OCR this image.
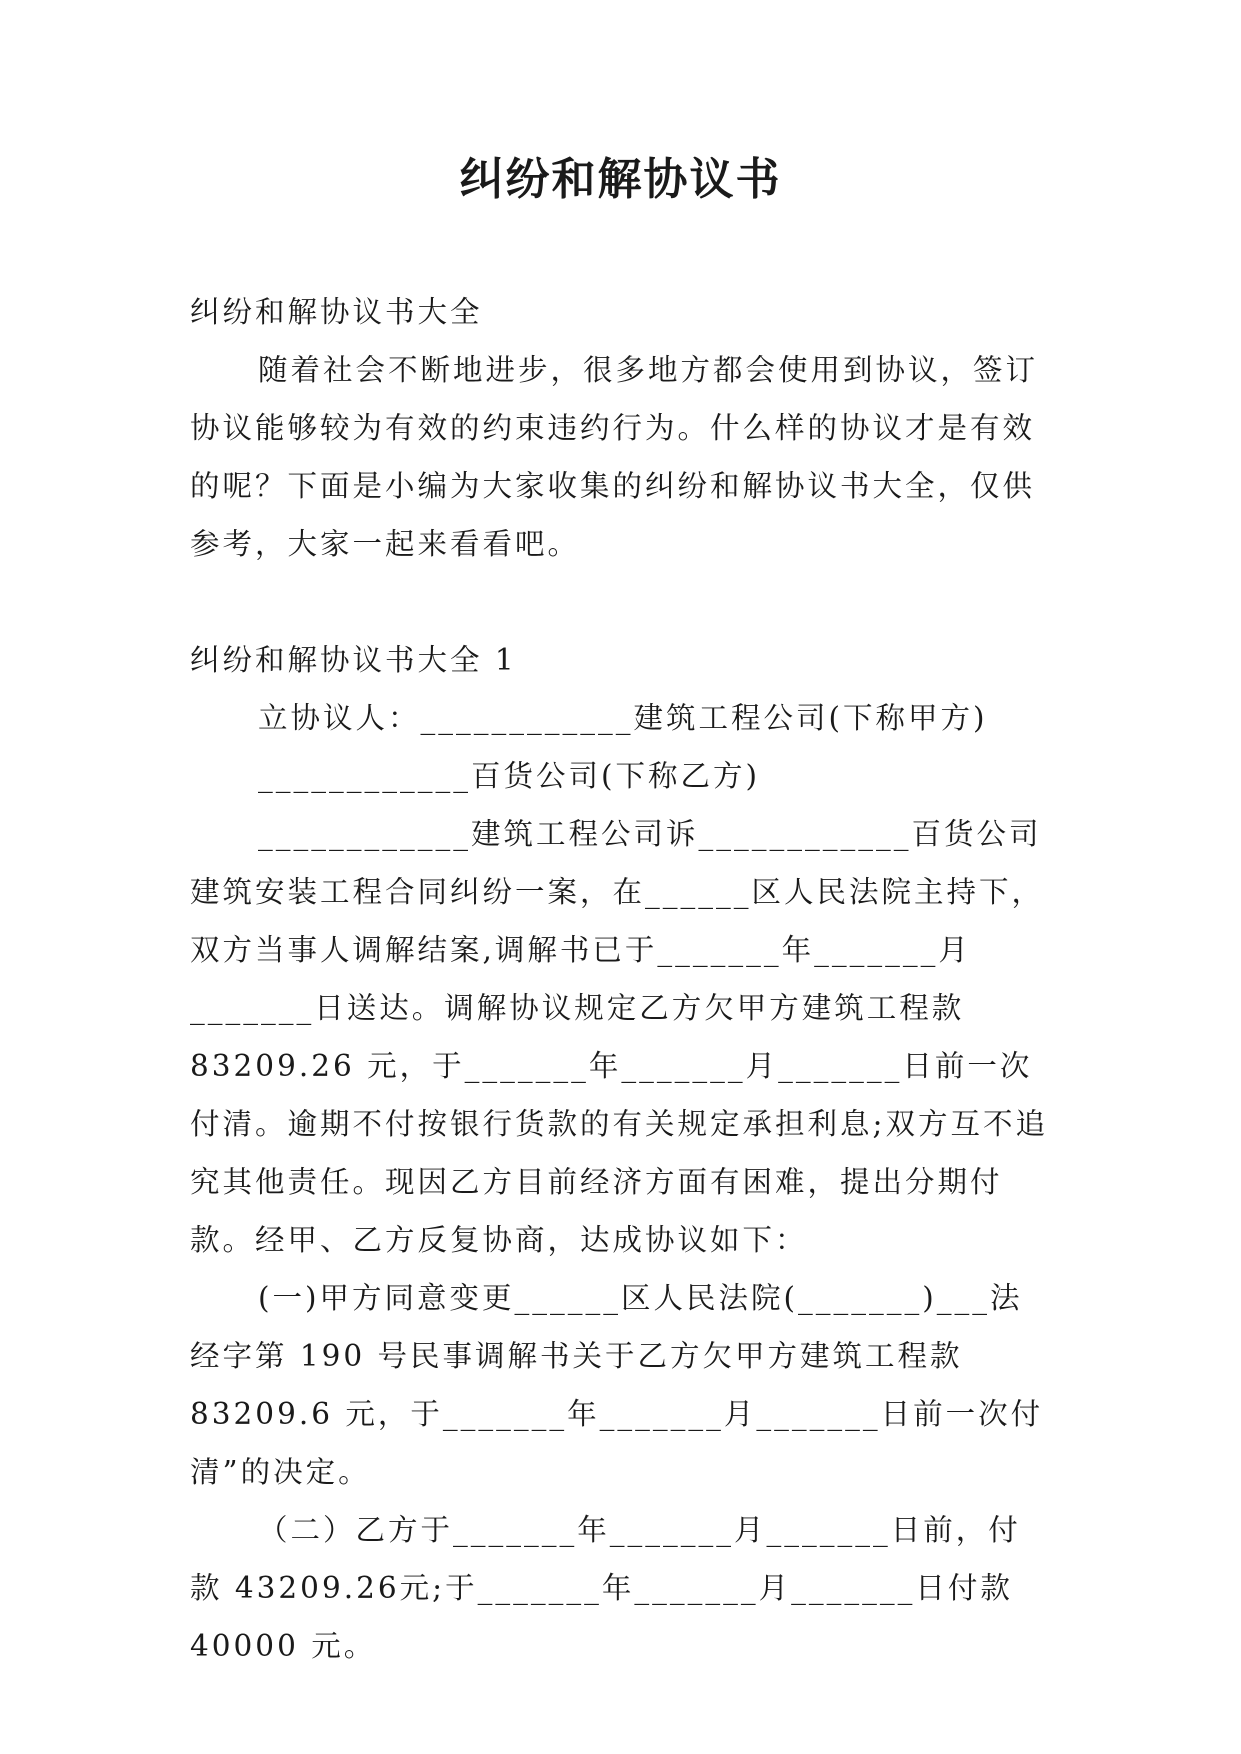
纠纷和解协议书

纠纷和解协议书大全

随着社会不断地进步，很多地方都会使用到协议，签订协议能够较为有效的约束违约行为。什么样的协议才是有效的呢？下面是小编为大家收集的纠纷和解协议书大全，仅供参考，大家一起来看看吧。

纠纷和解协议书大全 1

立协议人：____________建筑工程公司(下称甲方)

____________百货公司(下称乙方)

____________建筑工程公司诉____________百货公司建筑安装工程合同纠纷一案，在______区人民法院主持下，双方当事人调解结案,调解书已于_______年_______月_______日送达。调解协议规定乙方欠甲方建筑工程款 83209.26 元，于_______年_______月_______日前一次付清。逾期不付按银行货款的有关规定承担利息;双方互不追究其他责任。现因乙方目前经济方面有困难，提出分期付款。经甲、乙方反复协商，达成协议如下：

(一)甲方同意变更______区人民法院(_______)___法经字第 190 号民事调解书关于乙方欠甲方建筑工程款 83209.6 元，于_______年_______月_______日前一次付清”的决定。

（二）乙方于_______年_______月_______日前，付款 43209.26元;于_______年_______月_______日付款 40000 元。
